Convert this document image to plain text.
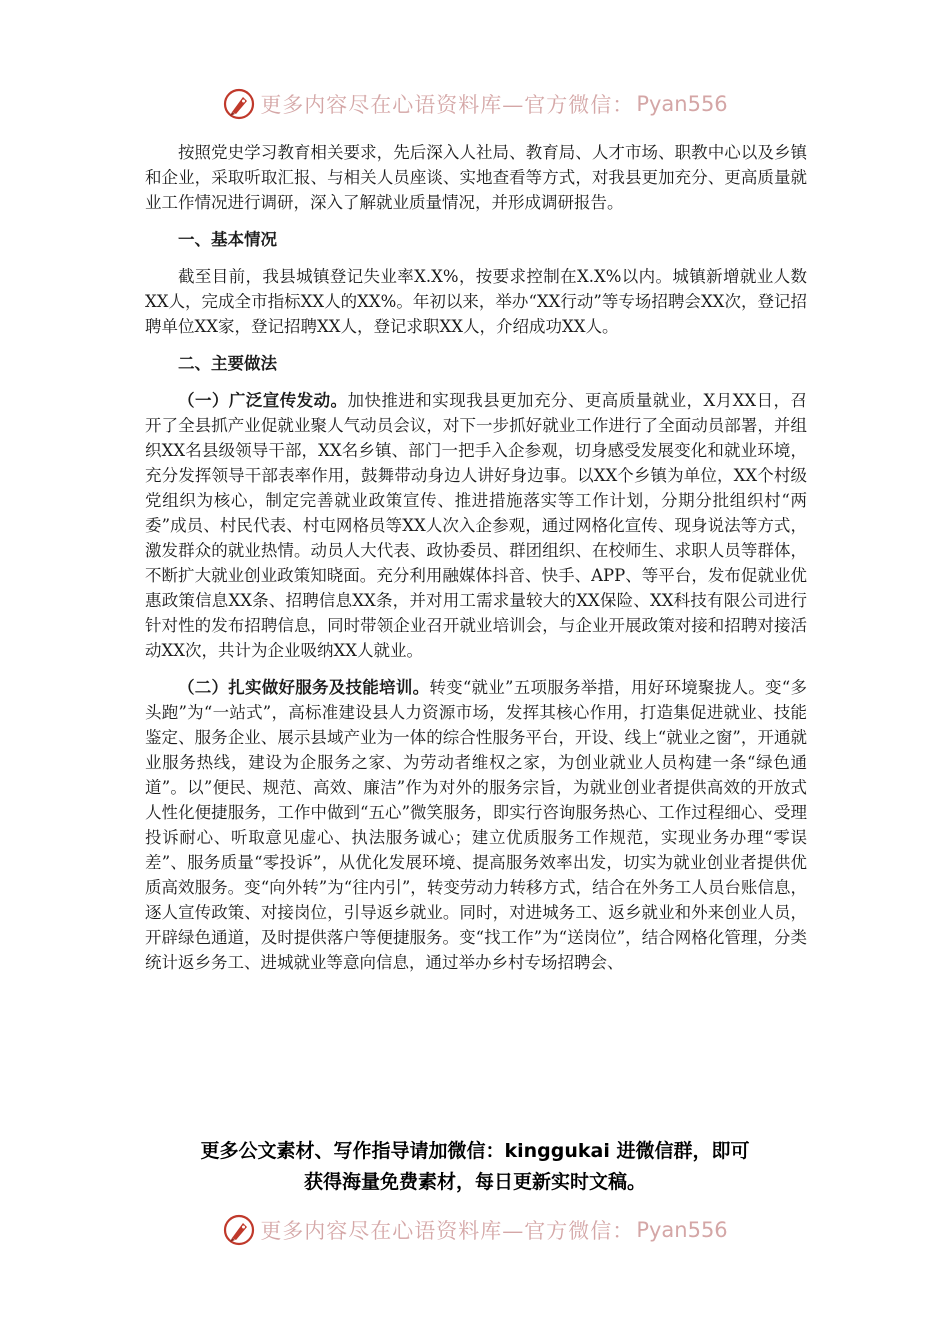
更多内容尽在心语资料库—官方微信： Pyan556

按照党史学习教育相关要求，先后深入人社局、教育局、人才市场、职教中心以及乡镇和企业，采取听取汇报、与相关人员座谈、实地查看等方式，对我县更加充分、更高质量就业工作情况进行调研，深入了解就业质量情况，并形成调研报告。

一、基本情况

截至目前，我县城镇登记失业率X.X%，按要求控制在X.X%以内。城镇新增就业人数XX人，完成全市指标XX人的XX%。年初以来，举办“XX行动”等专场招聘会XX次，登记招聘单位XX家，登记招聘XX人，登记求职XX人，介绍成功XX人。

二、主要做法

（一）广泛宣传发动。加快推进和实现我县更加充分、更高质量就业，X月XX日，召开了全县抓产业促就业聚人气动员会议，对下一步抓好就业工作进行了全面动员部署，并组织XX名县级领导干部，XX名乡镇、部门一把手入企参观，切身感受发展变化和就业环境，充分发挥领导干部表率作用，鼓舞带动身边人讲好身边事。以XX个乡镇为单位，XX个村级党组织为核心，制定完善就业政策宣传、推进措施落实等工作计划，分期分批组织村“两委”成员、村民代表、村屯网格员等XX人次入企参观，通过网格化宣传、现身说法等方式，激发群众的就业热情。动员人大代表、政协委员、群团组织、在校师生、求职人员等群体，不断扩大就业创业政策知晓面。充分利用融媒体抖音、快手、APP、等平台，发布促就业优惠政策信息XX条、招聘信息XX条，并对用工需求量较大的XX保险、XX科技有限公司进行针对性的发布招聘信息，同时带领企业召开就业培训会，与企业开展政策对接和招聘对接活动XX次，共计为企业吸纳XX人就业。

（二）扎实做好服务及技能培训。转变“就业”五项服务举措，用好环境聚拢人。变“多头跑”为“一站式”，高标准建设县人力资源市场，发挥其核心作用，打造集促进就业、技能鉴定、服务企业、展示县域产业为一体的综合性服务平台，开设、线上“就业之窗”，开通就业服务热线，建设为企服务之家、为劳动者维权之家，为创业就业人员构建一条“绿色通道”。以”便民、规范、高效、廉洁”作为对外的服务宗旨，为就业创业者提供高效的开放式人性化便捷服务，工作中做到“五心”微笑服务，即实行咨询服务热心、工作过程细心、受理投诉耐心、听取意见虚心、执法服务诚心；建立优质服务工作规范，实现业务办理“零误差”、服务质量“零投诉”，从优化发展环境、提高服务效率出发，切实为就业创业者提供优质高效服务。变“向外转”为“往内引”，转变劳动力转移方式，结合在外务工人员台账信息，逐人宣传政策、对接岗位，引导返乡就业。同时，对进城务工、返乡就业和外来创业人员，开辟绿色通道，及时提供落户等便捷服务。变“找工作”为“送岗位”，结合网格化管理，分类统计返乡务工、进城就业等意向信息，通过举办乡村专场招聘会、

更多公文素材、写作指导请加微信：kinggukai 进微信群，即可
获得海量免费素材，每日更新实时文稿。
更多内容尽在心语资料库—官方微信： Pyan556
